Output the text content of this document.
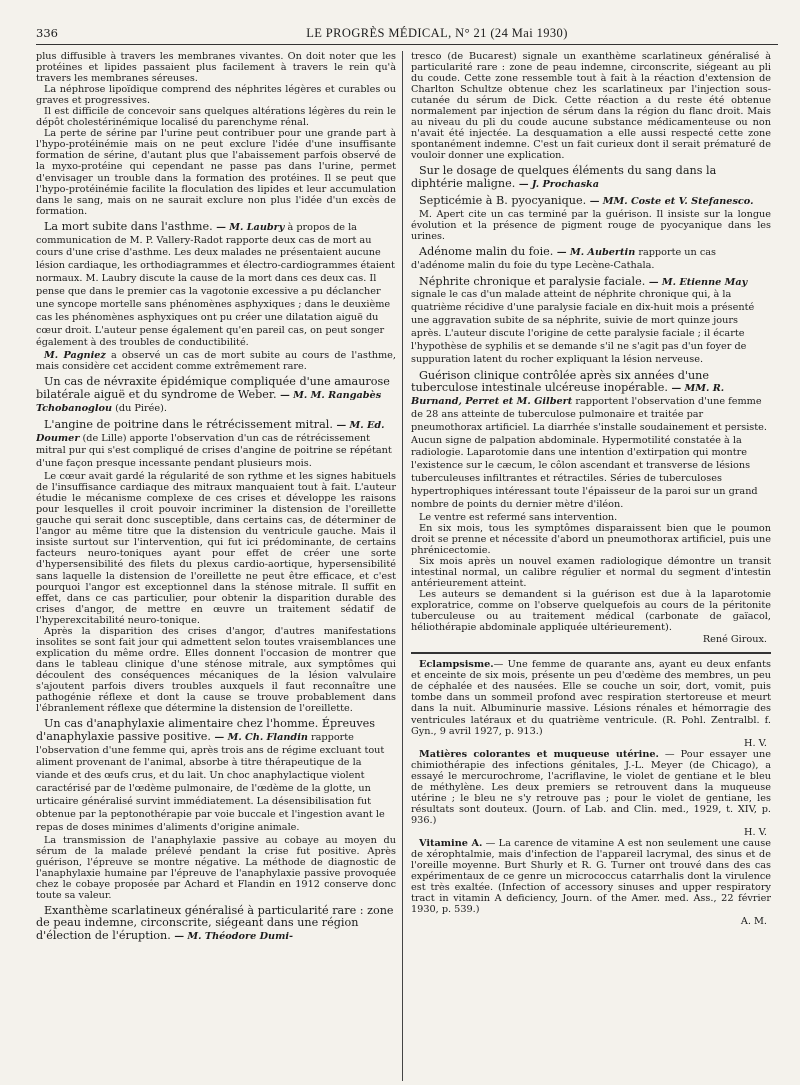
336	LE PROGRÈS MÉDICAL, N° 21 (24 Mai 1930)

plus diffusible à travers les membranes vivantes. On doit noter que les protéines et lipides passaient plus facilement à travers le rein qu'à travers les membranes séreuses.

La néphrose lipoïdique comprend des néphrites légères et curables ou graves et progressives.

Il est difficile de concevoir sans quelques altérations légères du rein le dépôt cholestérinémique localisé du parenchyme rénal.

La perte de sérine par l'urine peut contribuer pour une grande part à l'hypo-protéinémie mais on ne peut exclure l'idée d'une insuffisante formation de sérine, d'autant plus que l'abaissement parfois observé de la myxo-protéine qui cependant ne passe pas dans l'urine, permet d'envisager un trouble dans la formation des protéines. Il se peut que l'hypo-protéinémie facilite la floculation des lipides et leur accumulation dans le sang, mais on ne saurait exclure non plus l'idée d'un excès de formation.

La mort subite dans l'asthme. — M. Laubry à propos de la communication de M. P. Vallery-Radot rapporte deux cas de mort au cours d'une crise d'asthme. Les deux malades ne présentaient aucune lésion cardiaque, les orthodiagrammes et électro-cardiogrammes étaient normaux. M. Laubry discute la cause de la mort dans ces deux cas. Il pense que dans le premier cas la vagotonie excessive a pu déclancher une syncope mortelle sans phénomènes asphyxiques ; dans le deuxième cas les phénomènes asphyxiques ont pu créer une dilatation aiguë du cœur droit. L'auteur pense également qu'en pareil cas, on peut songer également à des troubles de conductibilité.

M. Pagniez a observé un cas de mort subite au cours de l'asthme, mais considère cet accident comme extrêmement rare.

Un cas de névraxite épidémique compliquée d'une amaurose bilatérale aiguë et du syndrome de Weber. — M. M. Rangabès Tchobanoglou (du Pirée).
L'angine de poitrine dans le rétrécissement mitral. — M. Ed. Doumer (de Lille) apporte l'observation d'un cas de rétrécissement mitral pur qui s'est compliqué de crises d'angine de poitrine se répétant d'une façon presque incessante pendant plusieurs mois.

Le cœur avait gardé la régularité de son rythme et les signes habituels de l'insuffisance cardiaque des mitraux manquaient tout à fait. L'auteur étudie le mécanisme complexe de ces crises et développe les raisons pour lesquelles il croit pouvoir incriminer la distension de l'oreillette gauche qui serait donc susceptible, dans certains cas, de déterminer de l'angor au même titre que la distension du ventricule gauche. Mais il insiste surtout sur l'intervention, qui fut ici prédominante, de certains facteurs neuro-toniques ayant pour effet de créer une sorte d'hypersensibilité des filets du plexus cardio-aortique, hypersensibilité sans laquelle la distension de l'oreillette ne peut être efficace, et c'est pourquoi l'angor est exceptionnel dans la sténose mitrale. Il suffit en effet, dans ce cas particulier, pour obtenir la disparition durable des crises d'angor, de mettre en œuvre un traitement sédatif de l'hyperexcitabilité neuro-tonique.

Après la disparition des crises d'angor, d'autres manifestations insolites se sont fait jour qui admettent selon toutes vraisemblances une explication du même ordre. Elles donnent l'occasion de montrer que dans le tableau clinique d'une sténose mitrale, aux symptômes qui découlent des conséquences mécaniques de la lésion valvulaire s'ajoutent parfois divers troubles auxquels il faut reconnaître une pathogénie réflexe et dont la cause se trouve probablement dans l'ébranlement réflexe que détermine la distension de l'oreillette.

Un cas d'anaphylaxie alimentaire chez l'homme. Épreuves d'anaphylaxie passive positive. — M. Ch. Flandin rapporte l'observation d'une femme qui, après trois ans de régime excluant tout aliment provenant de l'animal, absorbe à titre thérapeutique de la viande et des œufs crus, et du lait. Un choc anaphylactique violent caractérisé par de l'œdème pulmonaire, de l'œdème de la glotte, un urticaire généralisé survint immédiatement. La désensibilisation fut obtenue par la peptonothérapie par voie buccale et l'ingestion avant le repas de doses minimes d'aliments d'origine animale.

La transmission de l'anaphylaxie passive au cobaye au moyen du sérum de la malade prélevé pendant la crise fut positive. Après guérison, l'épreuve se montre négative. La méthode de diagnostic de l'anaphylaxie humaine par l'épreuve de l'anaphylaxie passive provoquée chez le cobaye proposée par Achard et Flandin en 1912 conserve donc toute sa valeur.

Exanthème scarlatineux généralisé à particularité rare : zone de peau indemne, circonscrite, siégeant dans une région d'élection de l'éruption. — M. Théodore Dumi-

tresco (de Bucarest) signale un exanthème scarlatineux généralisé à particularité rare : zone de peau indemne, circonscrite, siégeant au pli du coude. Cette zone ressemble tout à fait à la réaction d'extension de Charlton Schultze obtenue chez les scarlatineux par l'injection sous-cutanée du sérum de Dick. Cette réaction a du reste été obtenue normalement par injection de sérum dans la région du flanc droit. Mais au niveau du pli du coude aucune substance médicamenteuse ou non n'avait été injectée. La desquamation a elle aussi respecté cette zone spontanément indemne. C'est un fait curieux dont il serait prématuré de vouloir donner une explication.

Sur le dosage de quelques éléments du sang dans la diphtérie maligne. — J. Prochaska
Septicémie à B. pyocyanique. — MM. Coste et V. Stefanesco.

M. Apert cite un cas terminé par la guérison. Il insiste sur la longue évolution et la présence de pigment rouge de pyocyanique dans les urines.

Adénome malin du foie. — M. Aubertin rapporte un cas d'adénome malin du foie du type Lecène-Cathala.
Néphrite chronique et paralysie faciale. — M. Etienne May signale le cas d'un malade atteint de néphrite chronique qui, à la quatrième récidive d'une paralysie faciale en dix-huit mois a présenté une aggravation subite de sa néphrite, suivie de mort quinze jours après. L'auteur discute l'origine de cette paralysie faciale ; il écarte l'hypothèse de syphilis et se demande s'il ne s'agit pas d'un foyer de suppuration latent du rocher expliquant la lésion nerveuse.
Guérison clinique contrôlée après six années d'une tuberculose intestinale ulcéreuse inopérable. — MM. R. Burnand, Perret et M. Gilbert rapportent l'observation d'une femme de 28 ans atteinte de tuberculose pulmonaire et traitée par pneumothorax artificiel. La diarrhée s'installe soudainement et persiste. Aucun signe de palpation abdominale. Hypermotilité constatée à la radiologie. Laparotomie dans une intention d'extirpation qui montre l'existence sur le cæcum, le côlon ascendant et transverse de lésions tuberculeuses infiltrantes et rétractiles. Séries de tuberculoses hypertrophiques intéressant toute l'épaisseur de la paroi sur un grand nombre de points du dernier mètre d'iléon.

Le ventre est refermé sans intervention.

En six mois, tous les symptômes disparaissent bien que le poumon droit se prenne et nécessite d'abord un pneumothorax artificiel, puis une phrénicectomie.

Six mois après un nouvel examen radiologique démontre un transit intestinal normal, un calibre régulier et normal du segment d'intestin antérieurement atteint.

Les auteurs se demandent si la guérison est due à la laparotomie exploratrice, comme on l'observe quelquefois au cours de la péritonite tuberculeuse ou au traitement médical (carbonate de gaïacol, héliothérapie abdominale appliquée ultérieurement).

René Giroux.

Eclampsisme.— Une femme de quarante ans, ayant eu deux enfants et enceinte de six mois, présente un peu d'œdème des membres, un peu de céphalée et des nausées. Elle se couche un soir, dort, vomit, puis tombe dans un sommeil profond avec respiration stertoreuse et meurt dans la nuit. Albuminurie massive. Lésions rénales et hémorragie des ventricules latéraux et du quatrième ventricule. (R. Pohl. Zentralbl. f. Gyn., 9 avril 1927, p. 913.)

H. V.

Matières colorantes et muqueuse utérine. — Pour essayer une chimiothérapie des infections génitales, J.-L. Meyer (de Chicago), a essayé le mercurochrome, l'acriflavine, le violet de gentiane et le bleu de méthylène. Les deux premiers se retrouvent dans la muqueuse utérine ; le bleu ne s'y retrouve pas ; pour le violet de gentiane, les résultats sont douteux. (Journ. of Lab. and Clin. med., 1929, t. XIV, p. 936.)

H. V.

Vitamine A. — La carence de vitamine A est non seulement une cause de xérophtalmie, mais d'infection de l'appareil lacrymal, des sinus et de l'oreille moyenne. Burt Shurly et R. G. Turner ont trouvé dans des cas expérimentaux de ce genre un micrococcus catarrhalis dont la virulence est très exaltée. (Infection of accessory sinuses and upper respiratory tract in vitamin A deficiency, Journ. of the Amer. med. Ass., 22 février 1930, p. 539.)

A. M.
